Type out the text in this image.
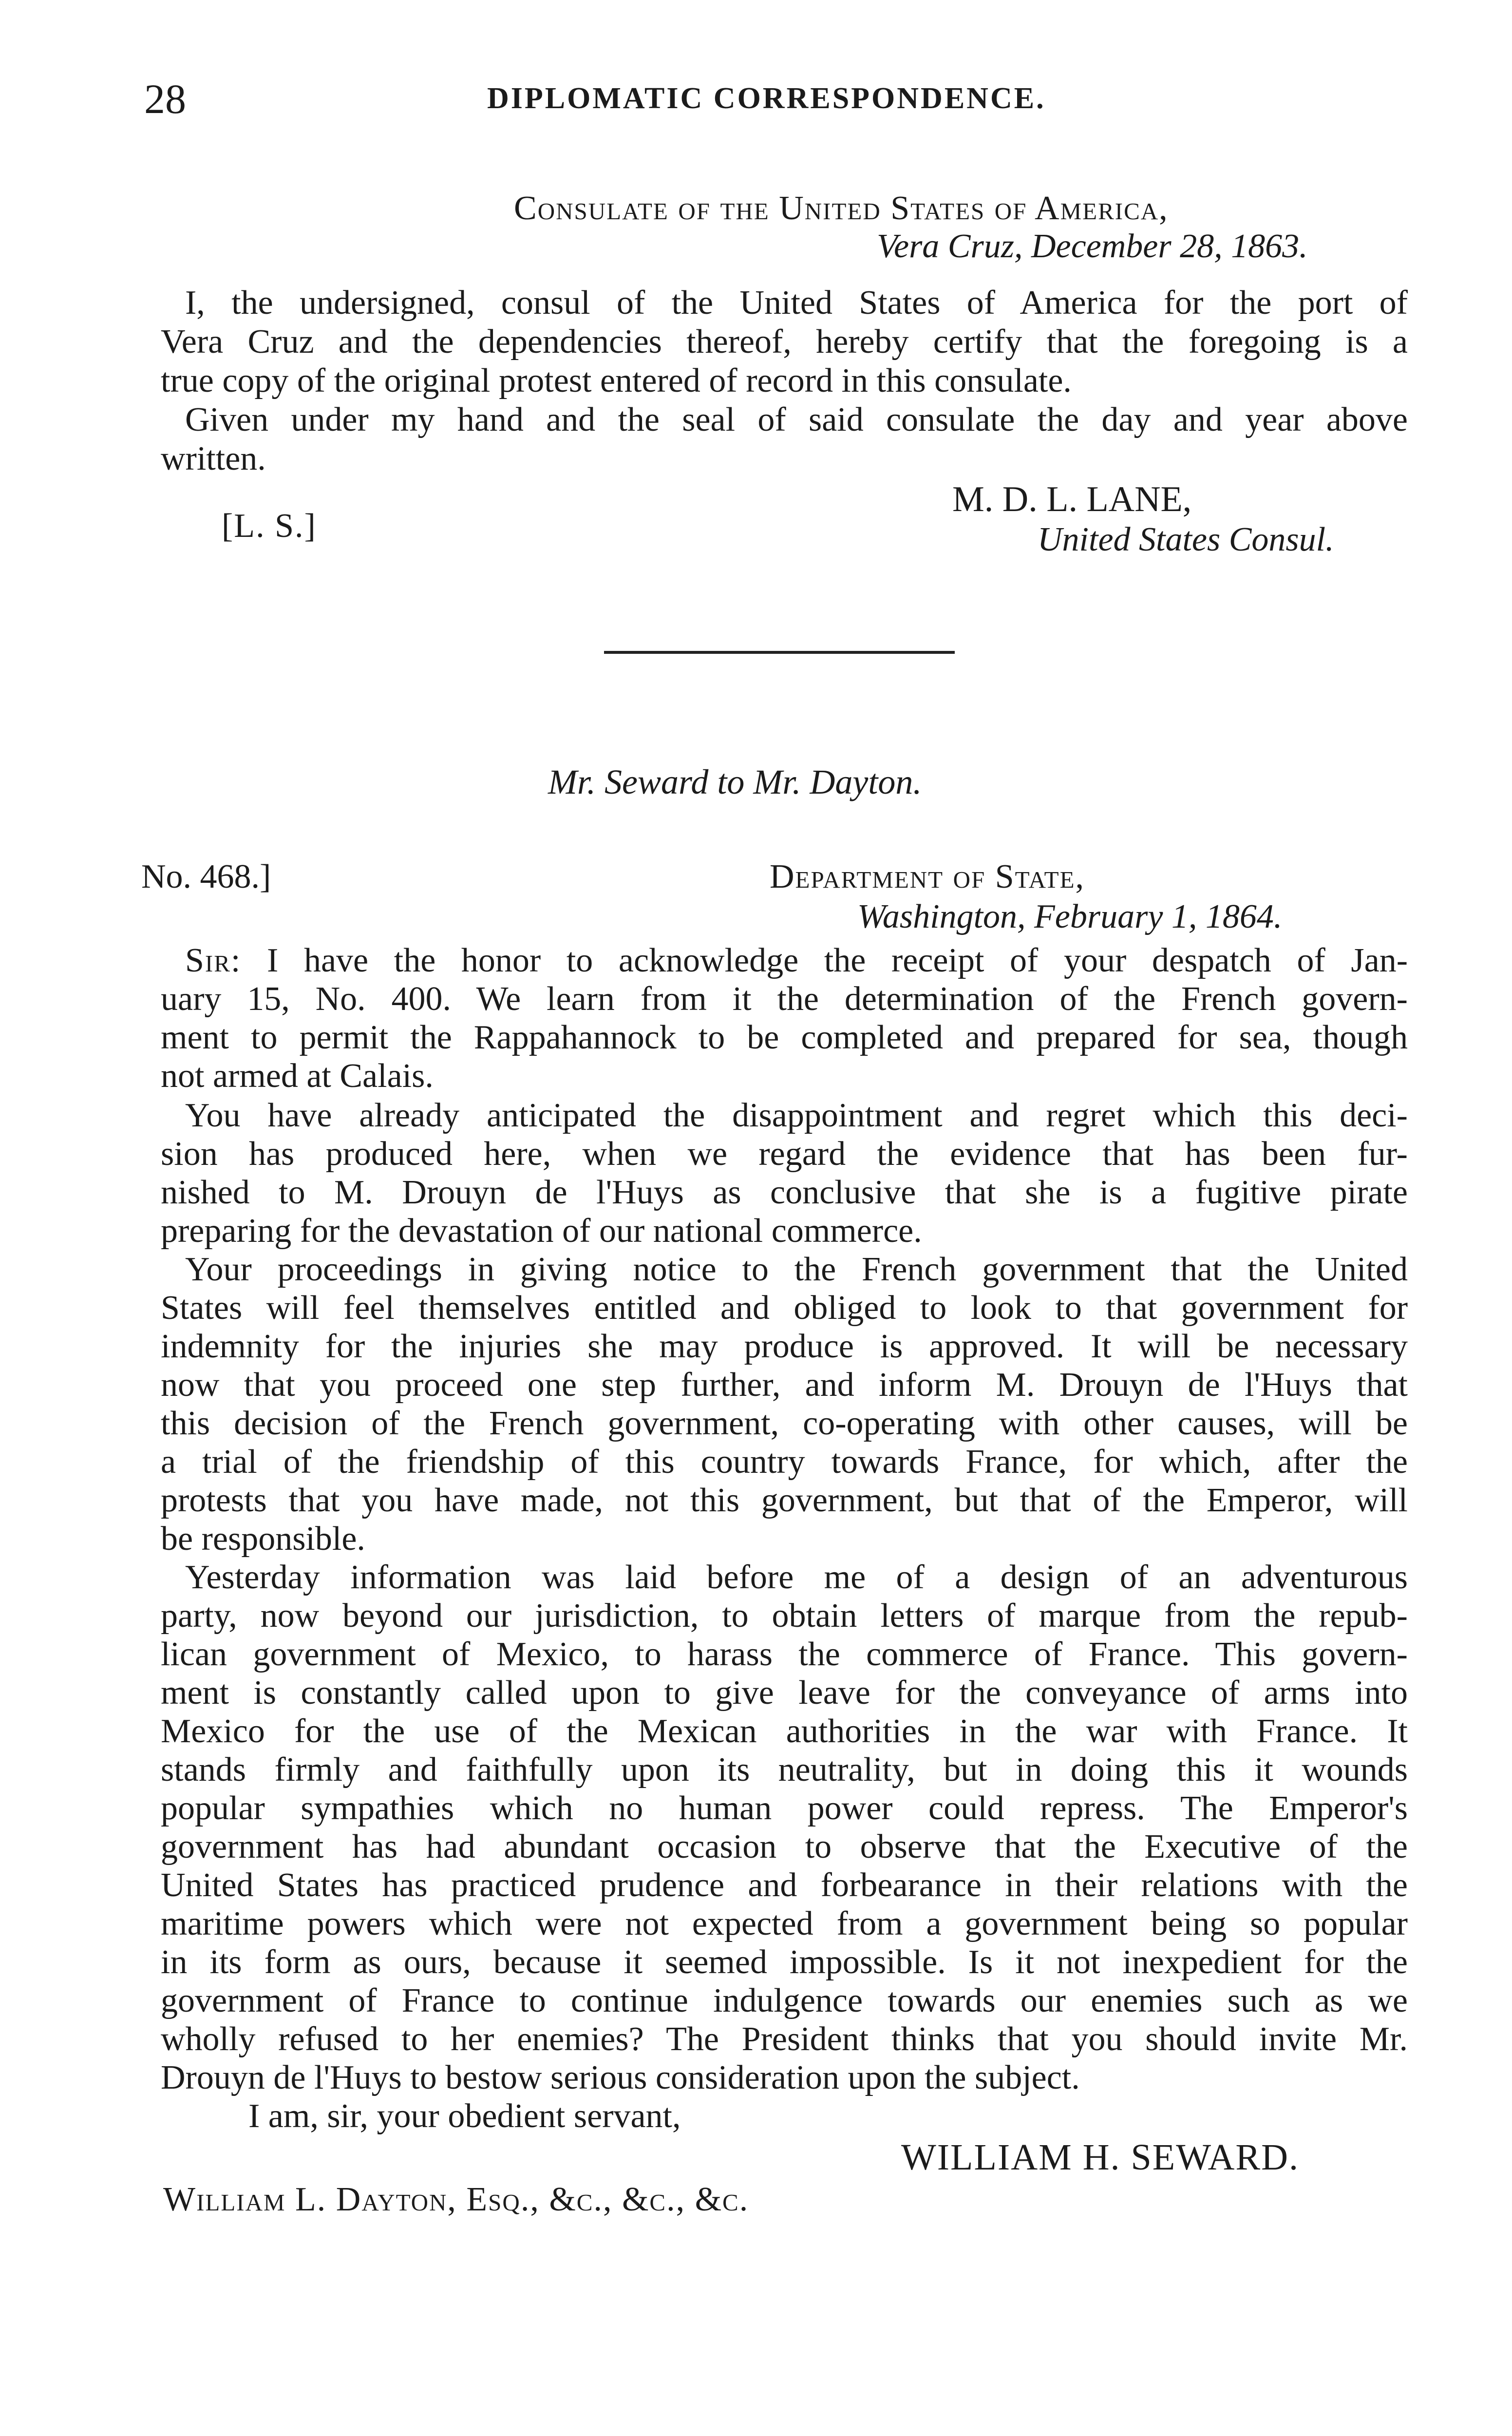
28	DIPLOMATIC CORRESPONDENCE.
Consulate of the United States of America,
Vera Cruz, December 28, 1863.
I, the undersigned, consul of the United States of America for the port of
Vera Cruz and the dependencies thereof, hereby certify that the foregoing is a
true copy of the original protest entered of record in this consulate.
Given under my hand and the seal of said consulate the day and year above
written.
[L. S.]
M. D. L. LANE,
United States Consul.
Mr. Seward to Mr. Dayton.
No. 468.]	Department of State,
Washington, February 1, 1864.
Sir: I have the honor to acknowledge the receipt of your despatch of Jan-
uary 15, No. 400. We learn from it the determination of the French govern-
ment to permit the Rappahannock to be completed and prepared for sea, though
not armed at Calais.
You have already anticipated the disappointment and regret which this deci-
sion has produced here, when we regard the evidence that has been fur-
nished to M. Drouyn de l'Huys as conclusive that she is a fugitive pirate
preparing for the devastation of our national commerce.
Your proceedings in giving notice to the French government that the United
States will feel themselves entitled and obliged to look to that government for
indemnity for the injuries she may produce is approved. It will be necessary
now that you proceed one step further, and inform M. Drouyn de l'Huys that
this decision of the French government, co-operating with other causes, will be
a trial of the friendship of this country towards France, for which, after the
protests that you have made, not this government, but that of the Emperor, will
be responsible.
Yesterday information was laid before me of a design of an adventurous
party, now beyond our jurisdiction, to obtain letters of marque from the repub-
lican government of Mexico, to harass the commerce of France. This govern-
ment is constantly called upon to give leave for the conveyance of arms into
Mexico for the use of the Mexican authorities in the war with France. It
stands firmly and faithfully upon its neutrality, but in doing this it wounds
popular sympathies which no human power could repress. The Emperor's
government has had abundant occasion to observe that the Executive of the
United States has practiced prudence and forbearance in their relations with the
maritime powers which were not expected from a government being so popular
in its form as ours, because it seemed impossible. Is it not inexpedient for the
government of France to continue indulgence towards our enemies such as we
wholly refused to her enemies? The President thinks that you should invite Mr.
Drouyn de l'Huys to bestow serious consideration upon the subject.
I am, sir, your obedient servant,
WILLIAM H. SEWARD.
William L. Dayton, Esq., &c., &c., &c.
